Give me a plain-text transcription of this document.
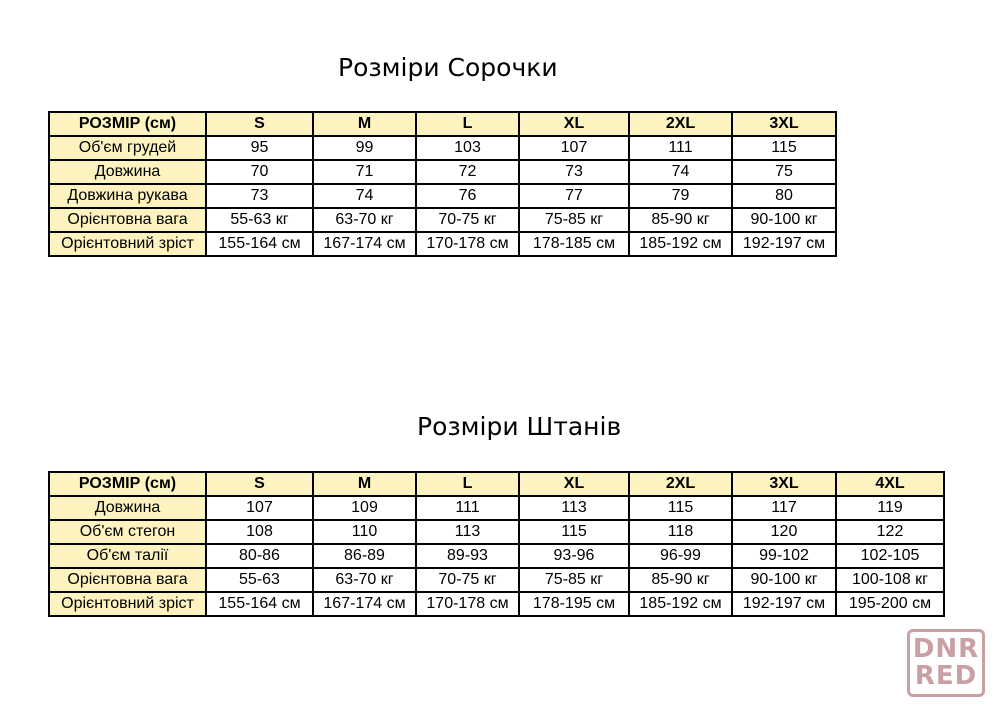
Розміри Сорочки
РОЗМІР (см)	S	M	L	XL	2XL	3XL
Об'єм грудей	95	99	103	107	111	115
Довжина	70	71	72	73	74	75
Довжина рукава	73	74	76	77	79	80
Орієнтовна вага	55-63 кг	63-70 кг	70-75 кг	75-85 кг	85-90 кг	90-100 кг
Орієнтовний зріст	155-164 см	167-174 см	170-178 см	178-185 см	185-192 см	192-197 см
Розміри Штанів
РОЗМІР (см)	S	M	L	XL	2XL	3XL	4XL
Довжина	107	109	111	113	115	117	119
Об'єм стегон	108	110	113	115	118	120	122
Об'єм талії	80-86	86-89	89-93	93-96	96-99	99-102	102-105
Орієнтовна вага	55-63	63-70 кг	70-75 кг	75-85 кг	85-90 кг	90-100 кг	100-108 кг
Орієнтовний зріст	155-164 см	167-174 см	170-178 см	178-195 см	185-192 см	192-197 см	195-200 см
DNR
RED
